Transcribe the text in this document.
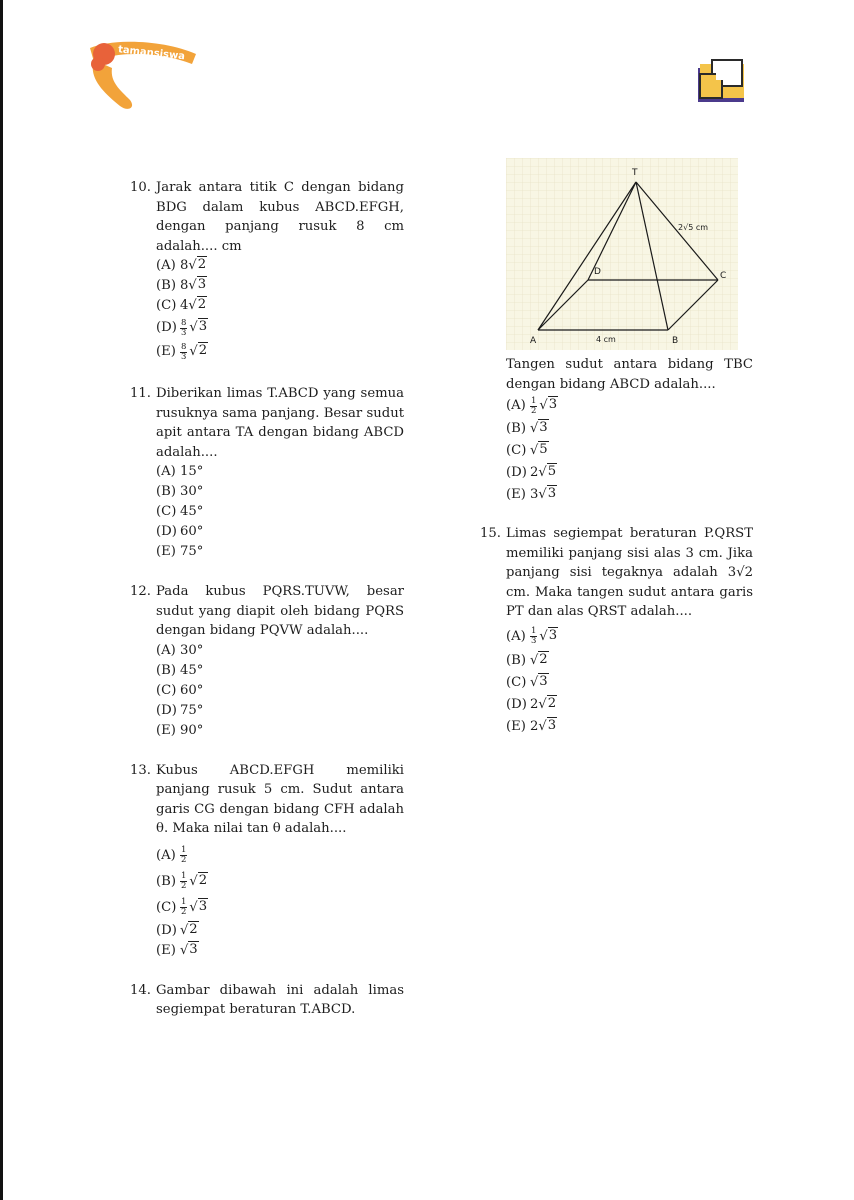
tamansiswa
10. Jarak antara titik C dengan bidang BDG dalam kubus ABCD.EFGH, dengan panjang rusuk 8 cm adalah.... cm
(A) 8 √ 2
(B) 8 √ 3
(C) 4 √ 2
$(D) \frac{8}{3}$ √ 3
$(E) \frac{8}{3}$ √ 2
11. Diberikan limas T.ABCD yang semua rusuknya sama panjang. Besar sudut apit antara TA dengan bidang ABCD adalah....
(A) 15°
(B) 30°
(C) 45°
(D) 60°
(E) 75°
12. Pada kubus PQRS.TUVW, besar sudut yang diapit oleh bidang PQRS dengan bidang PQVW adalah....
(A) 30°
(B) 45°
(C) 60°
(D) 75°
(E) 90°
13. Kubus ABCD.EFGH memiliki panjang rusuk 5 cm. Sudut antara garis CG dengan bidang CFH adalah θ. Maka nilai tan θ adalah....
$(A) \frac{1}{2}$
$(B) \frac{1}{2}$ √ 2
$(C) \frac{1}{2}$ √ 3
(D) √ 2
(E) √ 3
14. Gambar dibawah ini adalah limas segiempat beraturan T.ABCD.
T
A	B
C
D
2√5 cm
4 cm
Tangen sudut antara bidang TBC dengan bidang ABCD adalah....
$(A) \frac{1}{2}$ √ 3
(B) √ 3
(C) √ 5
(D) 2 √ 5
(E) 3 √ 3
15. Limas segiempat beraturan P.QRST memiliki panjang sisi alas 3 cm. Jika panjang sisi tegaknya adalah 3√2 cm. Maka tangen sudut antara garis PT dan alas QRST adalah....
$(A) \frac{1}{3}$ √ 3
(B) √ 2
(C) √ 3
(D) 2 √ 2
(E) 2 √ 3
